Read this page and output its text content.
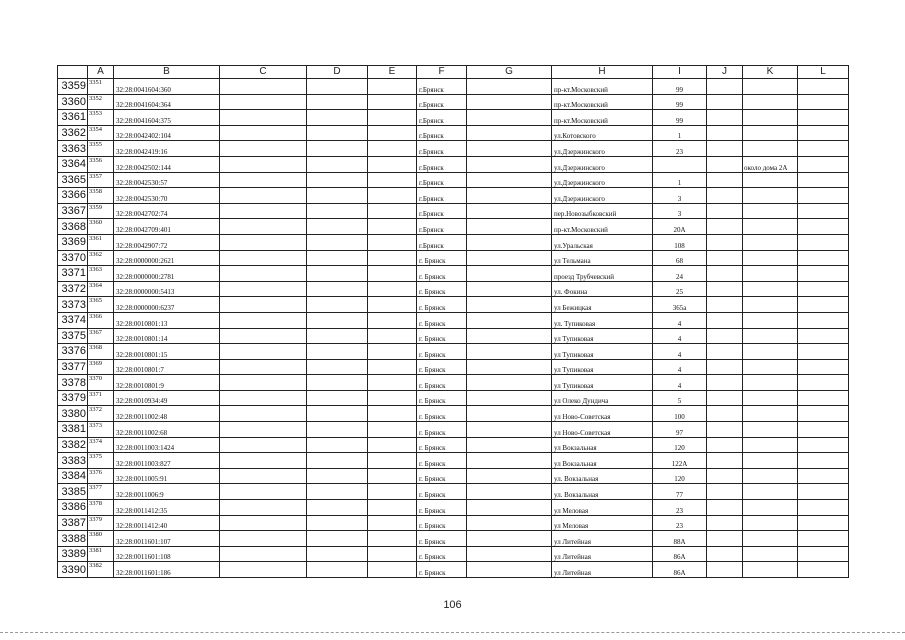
	A	B	C	D	E	F	G	H	I	J	K	L
3359	3351	32:28:0041604:360				г.Брянск		пр-кт.Московский	99			
3360	3352	32:28:0041604:364				г.Брянск		пр-кт.Московский	99			
3361	3353	32:28:0041604:375				г.Брянск		пр-кт.Московский	99			
3362	3354	32:28:0042402:104				г.Брянск		ул.Котовского	1			
3363	3355	32:28:0042419:16				г.Брянск		ул.Дзержинского	23			
3364	3356	32:28:0042502:144				г.Брянск		ул.Дзержинского			около дома 2А	
3365	3357	32:28:0042530:57				г.Брянск		ул.Дзержинского	1			
3366	3358	32:28:0042530:70				г.Брянск		ул.Дзержинского	3			
3367	3359	32:28:0042702:74				г.Брянск		пер.Новозыбковский	3			
3368	3360	32:28:0042709:401				г.Брянск		пр-кт.Московский	20А			
3369	3361	32:28:0042907:72				г.Брянск		ул.Уральская	108			
3370	3362	32:28:0000000:2621				г. Брянск		ул Тельмана	68			
3371	3363	32:28:0000000:2781				г. Брянск		проезд Трубчевский	24			
3372	3364	32:28:0000000:5413				г. Брянск		ул. Фокина	25			
3373	3365	32:28:0000000:6237				г. Брянск		ул Бежицкая	365а			
3374	3366	32:28:0010801:13				г. Брянск		ул. Тупиковая	4			
3375	3367	32:28:0010801:14				г. Брянск		ул Тупиковая	4			
3376	3368	32:28:0010801:15				г. Брянск		ул Тупиковая	4			
3377	3369	32:28:0010801:7				г. Брянск		ул Тупиковая	4			
3378	3370	32:28:0010801:9				г. Брянск		ул Тупиковая	4			
3379	3371	32:28:0010934:49				г. Брянск		ул Олеко Дундича	5			
3380	3372	32:28:0011002:48				г. Брянск		ул Ново-Советская	100			
3381	3373	32:28:0011002:68				г. Брянск		ул Ново-Советская	97			
3382	3374	32:28:0011003:1424				г. Брянск		ул Вокзальная	120			
3383	3375	32:28:0011003:827				г. Брянск		ул Вокзальная	122А			
3384	3376	32:28:0011005:91				г. Брянск		ул. Вокзальная	120			
3385	3377	32:28:0011006:9				г. Брянск		ул. Вокзальная	77			
3386	3378	32:28:0011412:35				г. Брянск		ул Меловая	23			
3387	3379	32:28:0011412:40				г. Брянск		ул Меловая	23			
3388	3380	32:28:0011601:107				г. Брянск		ул Литейная	88А			
3389	3381	32:28:0011601:108				г. Брянск		ул Литейная	86А			
3390	3382	32:28:0011601:186				г. Брянск		ул Литейная	86А			
106
